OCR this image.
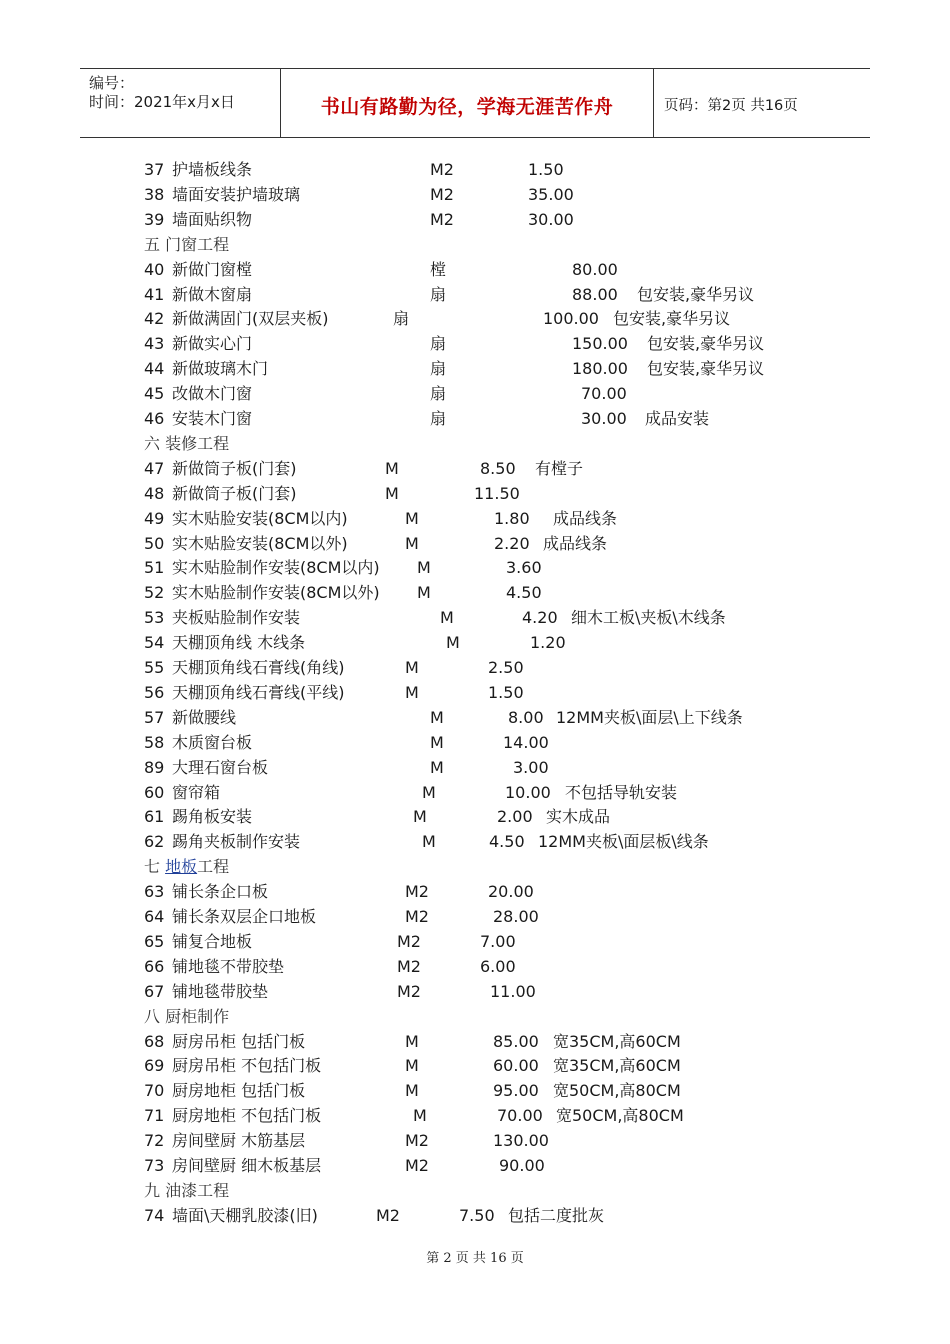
编号：
时间：2021年x月x日	书山有路勤为径，学海无涯苦作舟	页码：第2页 共16页
37 护墙板线条	M2	1.50
38 墙面安装护墙玻璃	M2	35.00
39 墙面贴织物	M2	30.00
五 门窗工程
40 新做门窗樘	樘	80.00
41 新做木窗扇	扇	88.00 包安装,豪华另议
42 新做满固门(双层夹板)	扇	100.00 包安装,豪华另议
43 新做实心门	扇	150.00 包安装,豪华另议
44 新做玻璃木门	扇	180.00 包安装,豪华另议
45 改做木门窗	扇	70.00
46 安装木门窗	扇	30.00 成品安装
六 装修工程
47 新做筒子板(门套)	M	8.50 有樘子
48 新做筒子板(门套)	M	11.50
49 实木贴脸安装(8CM以内)	M	1.80 成品线条
50 实木贴脸安装(8CM以外)	M	2.20 成品线条
51 实木贴脸制作安装(8CM以内) M	3.60
52 实木贴脸制作安装(8CM以外) M	4.50
53 夹板贴脸制作安装	M	4.20 细木工板\夹板\木线条
54 天棚顶角线 木线条	M	1.20
55 天棚顶角线石膏线(角线)	M	2.50
56 天棚顶角线石膏线(平线)	M	1.50
57 新做腰线	M	8.00 12MM夹板\面层\上下线条
58 木质窗台板	M	14.00
89 大理石窗台板	M	3.00
60 窗帘箱	M	10.00 不包括导轨安装
61 踢角板安装	M	2.00 实木成品
62 踢角夹板制作安装	M	4.50 12MM夹板\面层板\线条
七 地板工程
63 铺长条企口板	M2	20.00
64 铺长条双层企口地板	M2	28.00
65 铺复合地板	M2	7.00
66 铺地毯不带胶垫	M2	6.00
67 铺地毯带胶垫	M2	11.00
八 厨柜制作
68 厨房吊柜 包括门板	M	85.00 宽35CM,高60CM
69 厨房吊柜 不包括门板	M	60.00 宽35CM,高60CM
70 厨房地柜 包括门板	M	95.00 宽50CM,高80CM
71 厨房地柜 不包括门板	M	70.00 宽50CM,高80CM
72 房间壁厨 木筋基层	M2	130.00
73 房间壁厨 细木板基层	M2	90.00
九 油漆工程
74 墙面\天棚乳胶漆(旧)	M2	7.50 包括二度批灰
第 2 页 共 16 页
